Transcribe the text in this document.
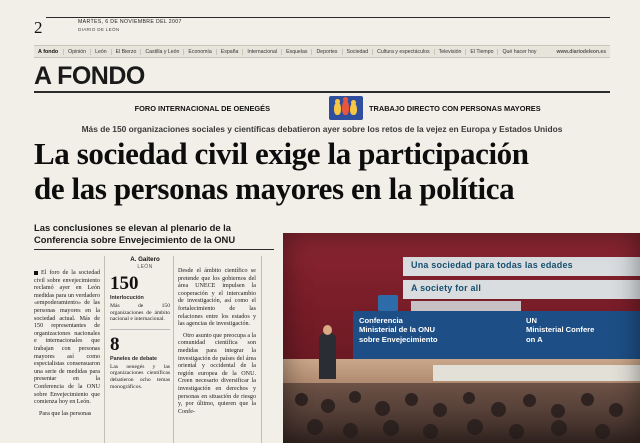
2	MARTES, 6 DE NOVIEMBRE DEL 2007
DIARIO DE LEÓN
A fondo	Opinión	León	El Bierzo	Castilla y León	Economía	España	Internacional	Esquelas	Deportes	Sociedad	Cultura y espectáculos	Televisión	El Tiempo	Qué hacer hoy	www.diariodeleon.es
A FONDO
FORO INTERNACIONAL DE OENEGÉS	TRABAJO DIRECTO CON PERSONAS MAYORES
Más de 150 organizaciones sociales y científicas debatieron ayer sobre los retos de la vejez en Europa y Estados Unidos
La sociedad civil exige la participación
de las personas mayores en la política
Las conclusiones se elevan al plenario de la Conferencia sobre Envejecimiento de la ONU
A. Gaitero
LEÓN

El foro de la sociedad civil sobre envejecimiento reclamó ayer en León medidas para un verdadero «empoderamiento» de las personas mayores en la sociedad actual. Más de 150 representantes de organizaciones nacionales e internacionales que trabajan con personas mayores así como especialistas consensuaron una serie de medidas para presentar en la Conferencia de la ONU sobre Envejecimiento que comienza hoy en León.

Para que las personas

150
Interlocución
Más de 150 organizaciones de ámbito nacional e internacional.
8
Paneles de debate
Las oenegés y las organizaciones científicas debatieron ocho temas monográficos.

Desde el ámbito científico se pretende que los gobiernos del área UNECE impulsen la cooperación y el intercambio de investigación, así como el fortalecimiento de las relaciones entre los estados y las agencias de investigación.

Otro asunto que preocupa a la comunidad científica son medidas para integrar la investigación de países del área oriental y occidental de la región europea de la ONU. Creen necesario diversificar la investigación en derechos y personas en situación de riesgo y, por último, quieren que la Confe-

Una sociedad para todas las edades
A society for all
Conferencia
Ministerial de la ONU
sobre Envejecimiento
UN
Ministerial Confere
on A
